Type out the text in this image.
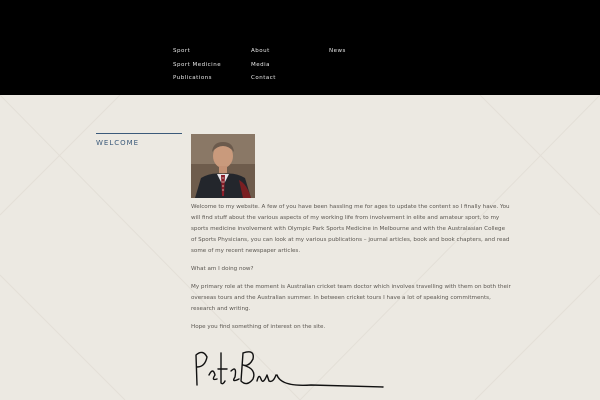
Sport
Sport Medicine
Publications
About
Media
Contact
News
WELCOME

Welcome to my website. A few of you have been hassling me for ages to update the content so I finally have. You will find stuff about the various aspects of my working life from involvement in elite and amateur sport, to my sports medicine involvement with Olympic Park Sports Medicine in Melbourne and with the Australasian College of Sports Physicians, you can look at my various publications – journal articles, book and book chapters, and read some of my recent newspaper articles.

What am I doing now?

My primary role at the moment is Australian cricket team doctor which involves travelling with them on both their overseas tours and the Australian summer. In between cricket tours I have a lot of speaking commitments, research and writing.

Hope you find something of interest on the site.
